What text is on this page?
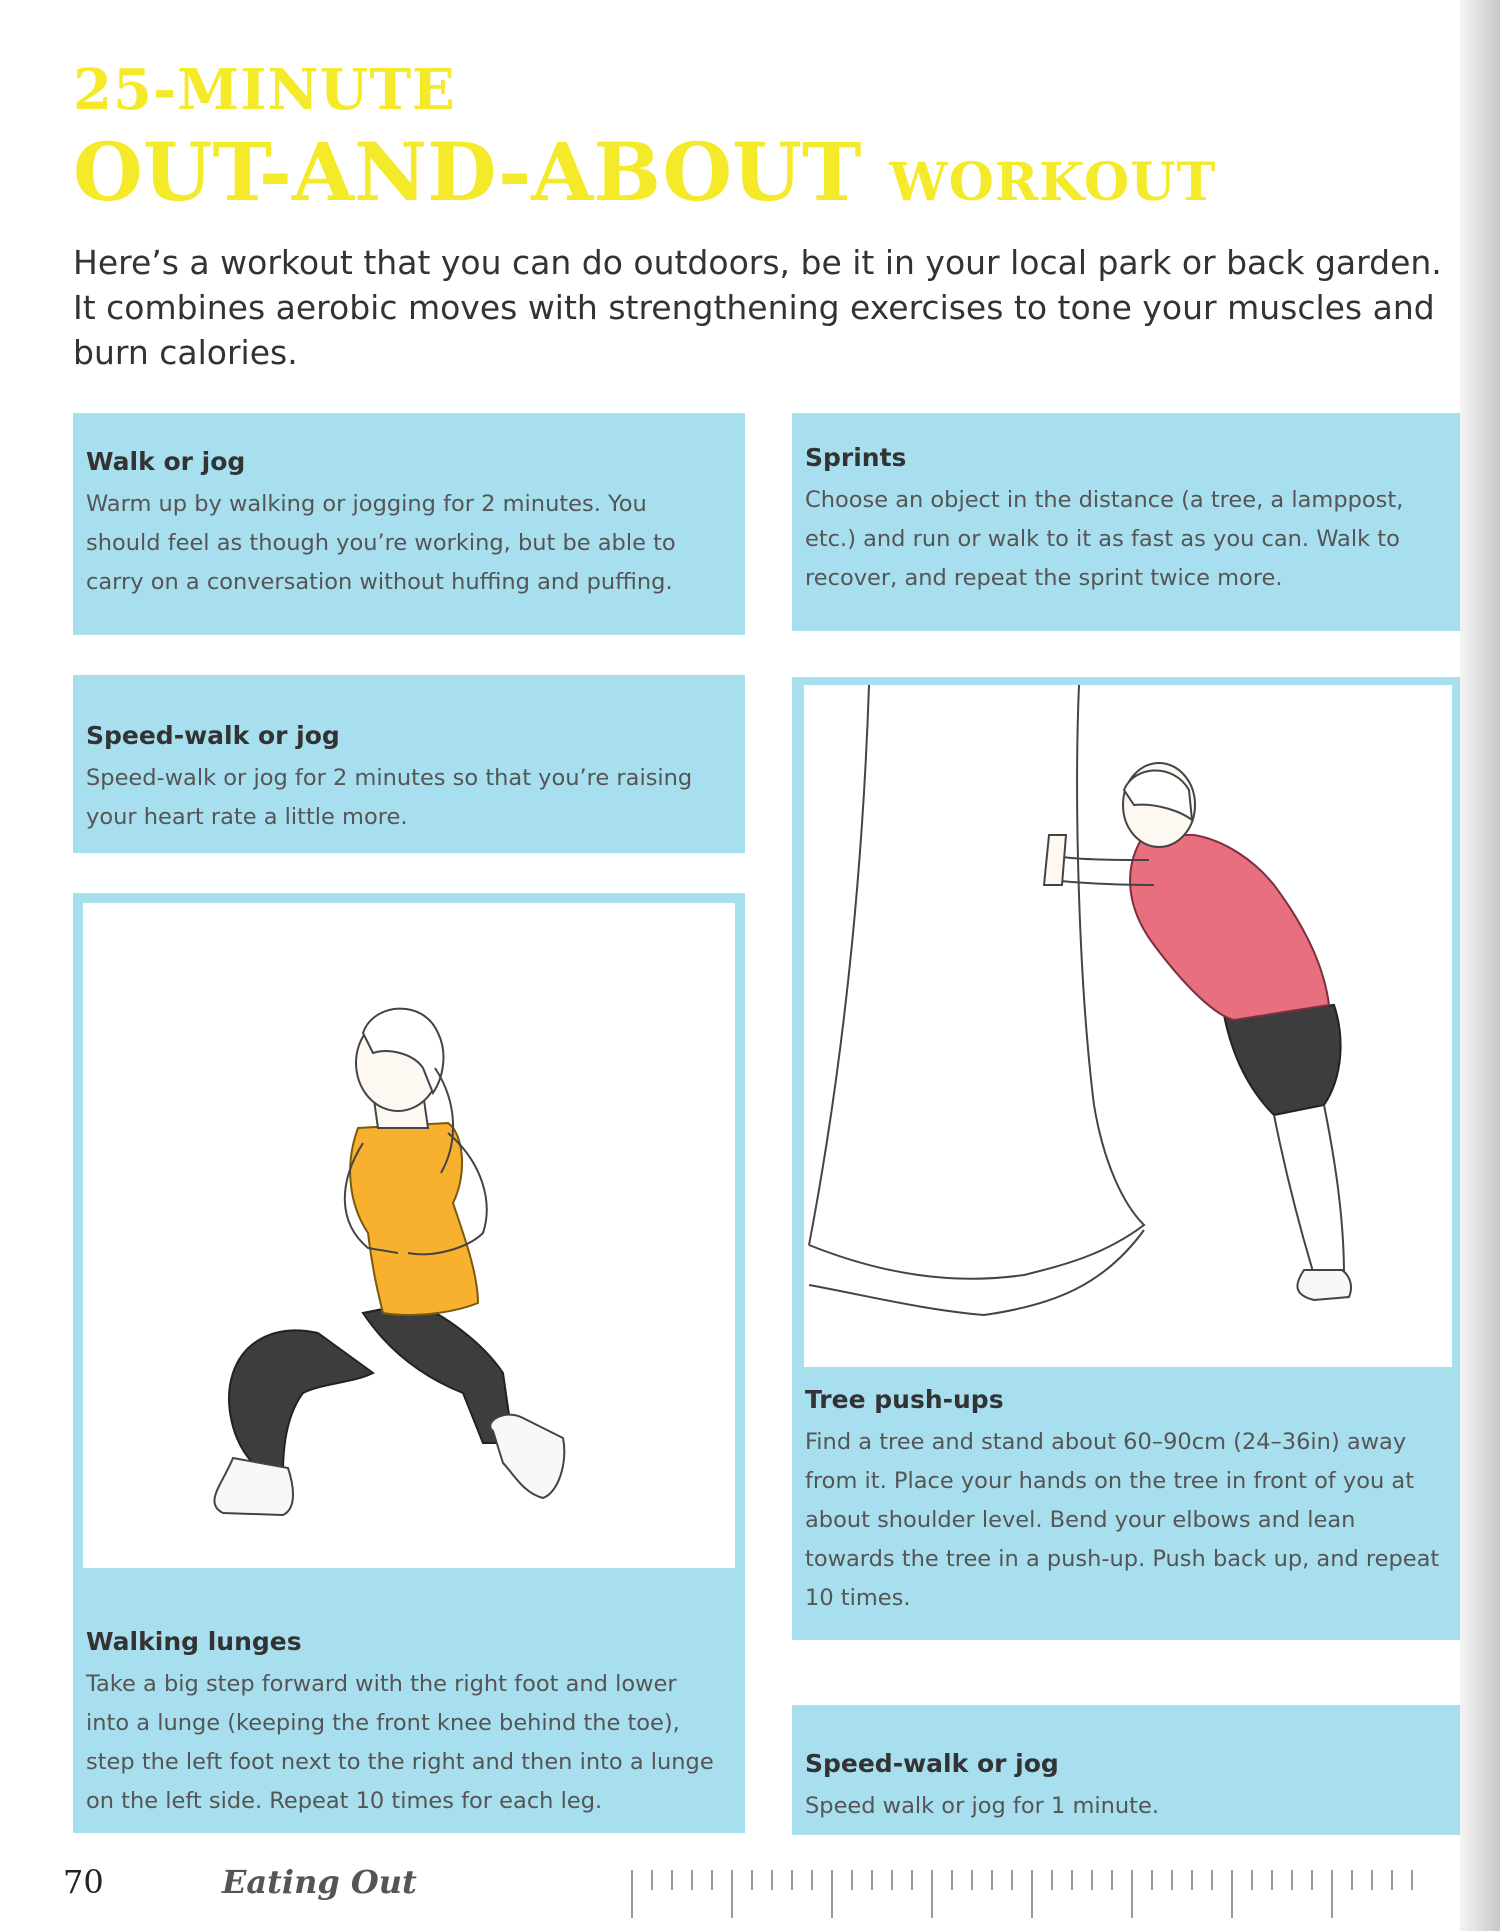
25-MINUTE
OUT-AND-ABOUT WORKOUT
Here’s a workout that you can do outdoors, be it in your local park or back garden. It combines aerobic moves with strengthening exercises to tone your muscles and burn calories.
Walk or jog

Warm up by walking or jogging for 2 minutes. You should feel as though you’re working, but be able to carry on a conversation without huffing and puffing.

Sprints

Choose an object in the distance (a tree, a lamppost, etc.) and run or walk to it as fast as you can. Walk to recover, and repeat the sprint twice more.

Speed-walk or jog

Speed-walk or jog for 2 minutes so that you’re raising your heart rate a little more.

Walking lunges

Take a big step forward with the right foot and lower into a lunge (keeping the front knee behind the toe), step the left foot next to the right and then into a lunge on the left side. Repeat 10 times for each leg.

Tree push-ups

Find a tree and stand about 60–90cm (24–36in) away from it. Place your hands on the tree in front of you at about shoulder level. Bend your elbows and lean towards the tree in a push-up. Push back up, and repeat 10 times.

Speed-walk or jog

Speed walk or jog for 1 minute.

70	Eating Out
